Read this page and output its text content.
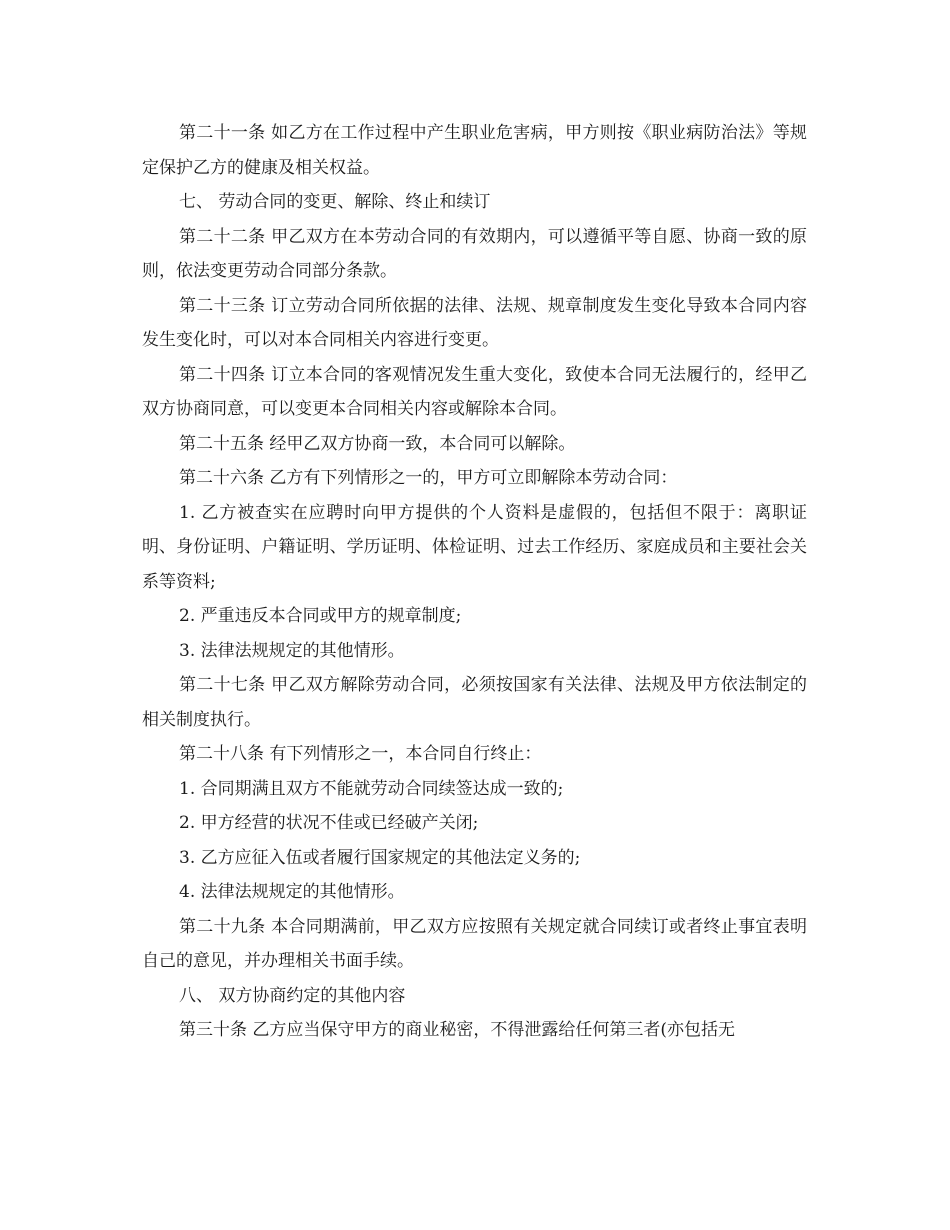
第二十一条 如乙方在工作过程中产生职业危害病，甲方则按《职业病防治法》等规定保护乙方的健康及相关权益。

七、 劳动合同的变更、解除、终止和续订

第二十二条 甲乙双方在本劳动合同的有效期内，可以遵循平等自愿、协商一致的原则，依法变更劳动合同部分条款。

第二十三条 订立劳动合同所依据的法律、法规、规章制度发生变化导致本合同内容发生变化时，可以对本合同相关内容进行变更。

第二十四条 订立本合同的客观情况发生重大变化，致使本合同无法履行的，经甲乙双方协商同意，可以变更本合同相关内容或解除本合同。

第二十五条 经甲乙双方协商一致，本合同可以解除。

第二十六条 乙方有下列情形之一的，甲方可立即解除本劳动合同：

1. 乙方被查实在应聘时向甲方提供的个人资料是虚假的，包括但不限于：离职证明、身份证明、户籍证明、学历证明、体检证明、过去工作经历、家庭成员和主要社会关系等资料;

2. 严重违反本合同或甲方的规章制度;

3. 法律法规规定的其他情形。

第二十七条 甲乙双方解除劳动合同，必须按国家有关法律、法规及甲方依法制定的相关制度执行。

第二十八条 有下列情形之一，本合同自行终止：

1. 合同期满且双方不能就劳动合同续签达成一致的;

2. 甲方经营的状况不佳或已经破产关闭;

3. 乙方应征入伍或者履行国家规定的其他法定义务的;

4. 法律法规规定的其他情形。

第二十九条 本合同期满前，甲乙双方应按照有关规定就合同续订或者终止事宜表明自己的意见，并办理相关书面手续。

八、 双方协商约定的其他内容

第三十条 乙方应当保守甲方的商业秘密，不得泄露给任何第三者(亦包括无
